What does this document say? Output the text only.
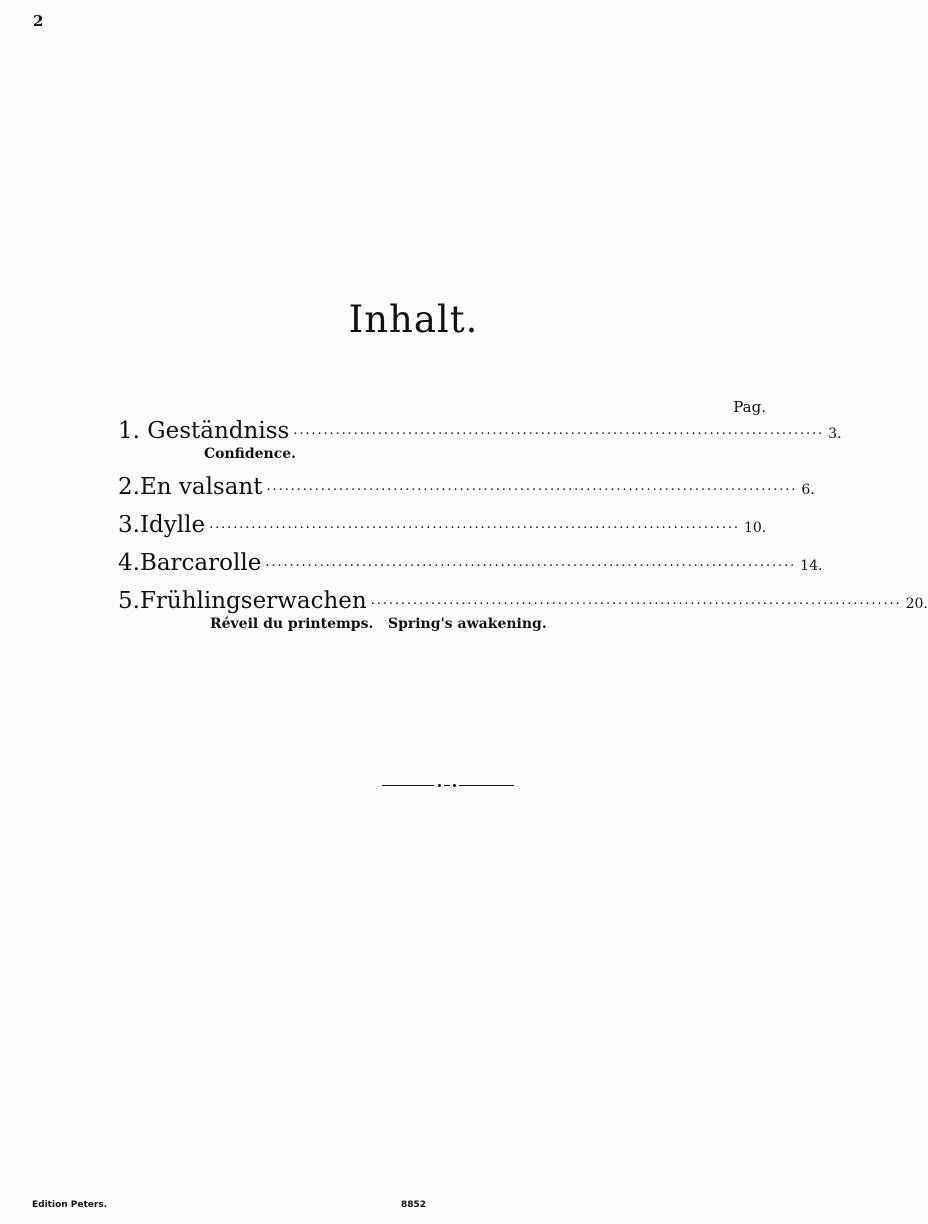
2
Inhalt.
Pag.
1. Geständniss ........................................................................................ 3.
Confidence.
2.En valsant ........................................................................................ 6.
3.Idylle ........................................................................................ 10.
4.Barcarolle ........................................................................................ 14.
5.Frühlingserwachen ........................................................................................ 20.
Réveil du printemps.   Spring's awakening.
Edition Peters.	8852
